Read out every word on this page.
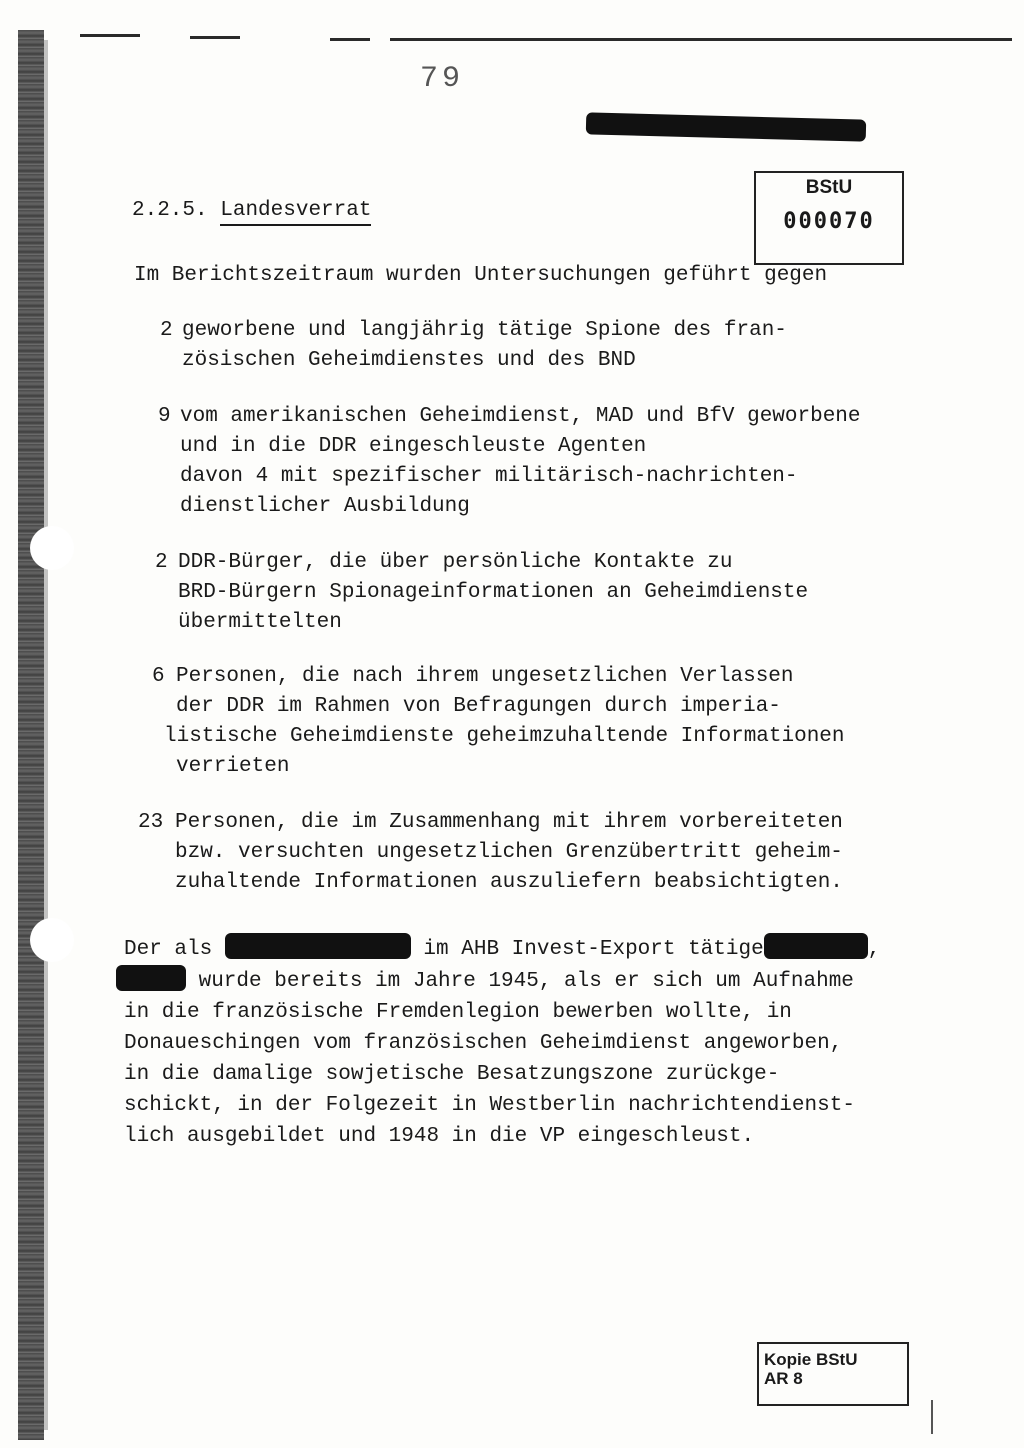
79
BStU
000070
2.2.5. Landesverrat
Im Berichtszeitraum wurden Untersuchungen geführt gegen
2 geworbene und langjährig tätige Spione des fran-
zösischen Geheimdienstes und des BND
9 vom amerikanischen Geheimdienst, MAD und BfV geworbene
und in die DDR eingeschleuste Agenten
davon 4 mit spezifischer militärisch-nachrichten-
dienstlicher Ausbildung
2 DDR-Bürger, die über persönliche Kontakte zu
BRD-Bürgern Spionageinformationen an Geheimdienste
übermittelten
6 Personen, die nach ihrem ungesetzlichen Verlassen
der DDR im Rahmen von Befragungen durch imperia-
listische Geheimdienste geheimzuhaltende Informationen
verrieten
23 Personen, die im Zusammenhang mit ihrem vorbereiteten
bzw. versuchten ungesetzlichen Grenzübertritt geheim-
zuhaltende Informationen auszuliefern beabsichtigten.
Der als	im AHB Invest-Export tätige	,
wurde bereits im Jahre 1945, als er sich um Aufnahme
in die französische Fremdenlegion bewerben wollte, in
Donaueschingen vom französischen Geheimdienst angeworben,
in die damalige sowjetische Besatzungszone zurückge-
schickt, in der Folgezeit in Westberlin nachrichtendienst-
lich ausgebildet und 1948 in die VP eingeschleust.
Kopie BStU
AR 8
